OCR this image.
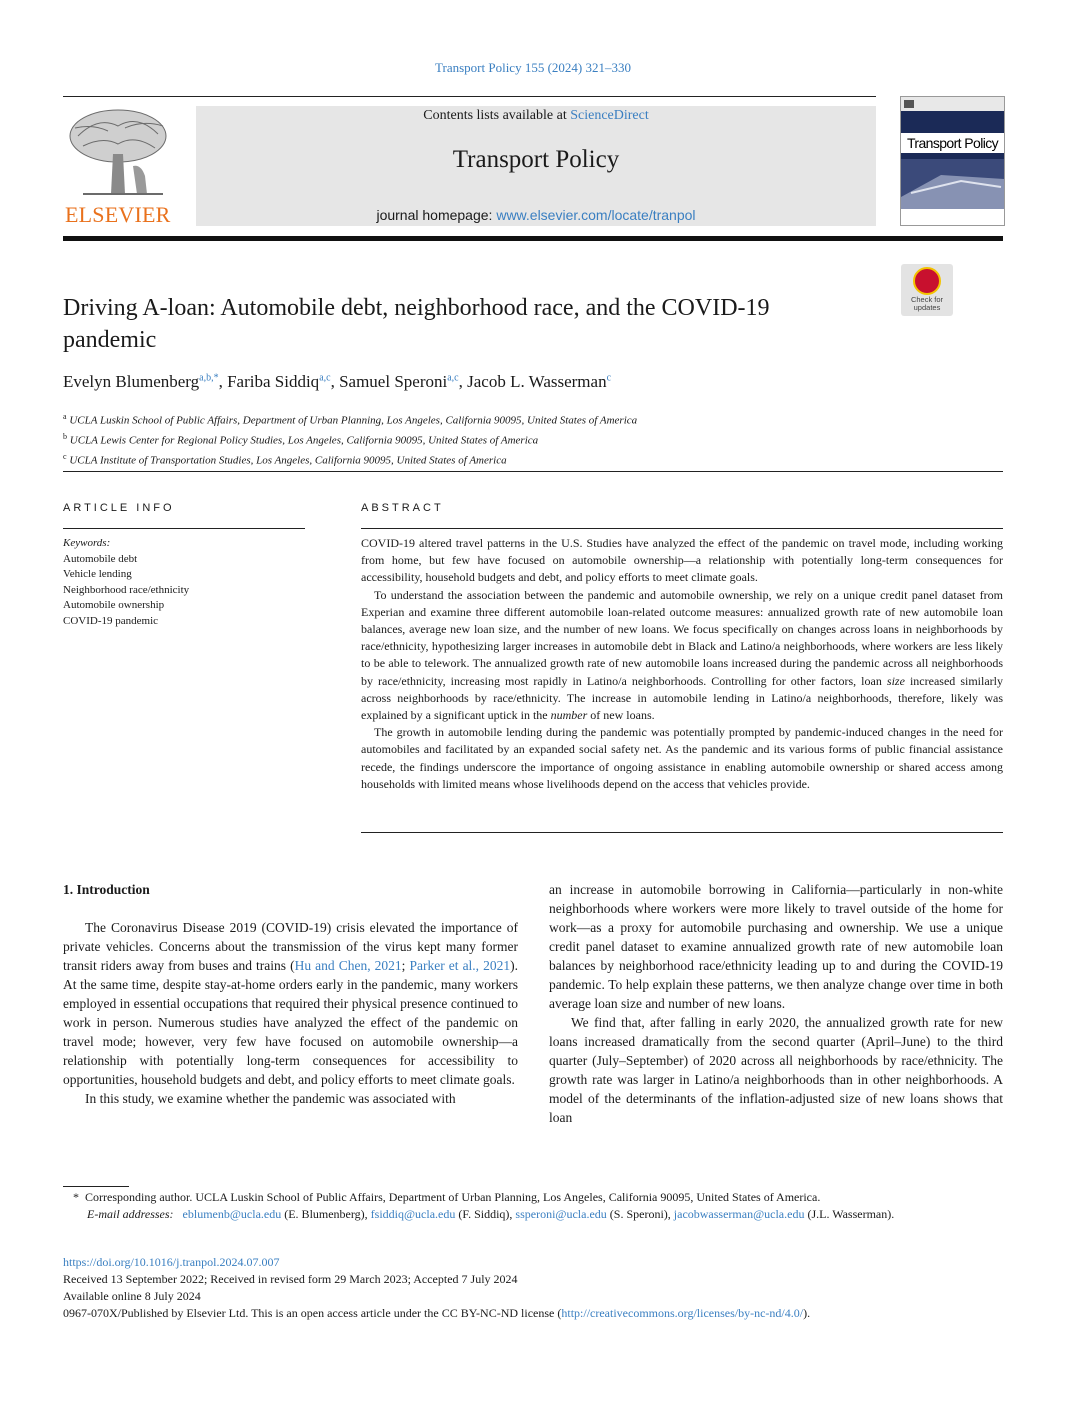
Transport Policy 155 (2024) 321–330
ELSEVIER
Contents lists available at ScienceDirect
Transport Policy
journal homepage: www.elsevier.com/locate/tranpol
Transport Policy
Check for
updates
Driving A-loan: Automobile debt, neighborhood race, and the COVID-19 pandemic
Evelyn Blumenberg$^{a,b,*}$, Fariba Siddiq$^{a,c}$, Samuel Speroni$^{a,c}$, Jacob L. Wasserman$^c$
$^a$ UCLA Luskin School of Public Affairs, Department of Urban Planning, Los Angeles, California 90095, United States of America
$^b$ UCLA Lewis Center for Regional Policy Studies, Los Angeles, California 90095, United States of America
$^c$ UCLA Institute of Transportation Studies, Los Angeles, California 90095, United States of America
ARTICLE INFO
Keywords:
Automobile debt
Vehicle lending
Neighborhood race/ethnicity
Automobile ownership
COVID-19 pandemic
ABSTRACT

COVID-19 altered travel patterns in the U.S. Studies have analyzed the effect of the pandemic on travel mode, including working from home, but few have focused on automobile ownership—a relationship with potentially long-term consequences for accessibility, household budgets and debt, and policy efforts to meet climate goals.

To understand the association between the pandemic and automobile ownership, we rely on a unique credit panel dataset from Experian and examine three different automobile loan-related outcome measures: annualized growth rate of new automobile loan balances, average new loan size, and the number of new loans. We focus specifically on changes across loans in neighborhoods by race/ethnicity, hypothesizing larger increases in automobile debt in Black and Latino/a neighborhoods, where workers are less likely to be able to telework. The annualized growth rate of new automobile loans increased during the pandemic across all neighborhoods by race/ethnicity, increasing most rapidly in Latino/a neighborhoods. Controlling for other factors, loan size increased similarly across neighborhoods by race/ethnicity. The increase in automobile lending in Latino/a neighborhoods, therefore, likely was explained by a significant uptick in the number of new loans.

The growth in automobile lending during the pandemic was potentially prompted by pandemic-induced changes in the need for automobiles and facilitated by an expanded social safety net. As the pandemic and its various forms of public financial assistance recede, the findings underscore the importance of ongoing assistance in enabling automobile ownership or shared access among households with limited means whose livelihoods depend on the access that vehicles provide.

1. Introduction

The Coronavirus Disease 2019 (COVID-19) crisis elevated the importance of private vehicles. Concerns about the transmission of the virus kept many former transit riders away from buses and trains (Hu and Chen, 2021; Parker et al., 2021). At the same time, despite stay-at-home orders early in the pandemic, many workers employed in essential occupations that required their physical presence continued to work in person. Numerous studies have analyzed the effect of the pandemic on travel mode; however, very few have focused on automobile ownership—a relationship with potentially long-term consequences for accessibility to opportunities, household budgets and debt, and policy efforts to meet climate goals.

In this study, we examine whether the pandemic was associated with

an increase in automobile borrowing in California—particularly in non-white neighborhoods where workers were more likely to travel outside of the home for work—as a proxy for automobile purchasing and ownership. We use a unique credit panel dataset to examine annualized growth rate of new automobile loan balances by neighborhood race/ethnicity leading up to and during the COVID-19 pandemic. To help explain these patterns, we then analyze change over time in both average loan size and number of new loans.

We find that, after falling in early 2020, the annualized growth rate for new loans increased dramatically from the second quarter (April–June) to the third quarter (July–September) of 2020 across all neighborhoods by race/ethnicity. The growth rate was larger in Latino/a neighborhoods than in other neighborhoods. A model of the determinants of the inflation-adjusted size of new loans shows that loan

*  Corresponding author. UCLA Luskin School of Public Affairs, Department of Urban Planning, Los Angeles, California 90095, United States of America.
E-mail addresses: eblumenb@ucla.edu (E. Blumenberg), fsiddiq@ucla.edu (F. Siddiq), ssperoni@ucla.edu (S. Speroni), jacobwasserman@ucla.edu (J.L. Wasserman).
https://doi.org/10.1016/j.tranpol.2024.07.007
Received 13 September 2022; Received in revised form 29 March 2023; Accepted 7 July 2024
Available online 8 July 2024
0967-070X/Published by Elsevier Ltd. This is an open access article under the CC BY-NC-ND license (http://creativecommons.org/licenses/by-nc-nd/4.0/).
